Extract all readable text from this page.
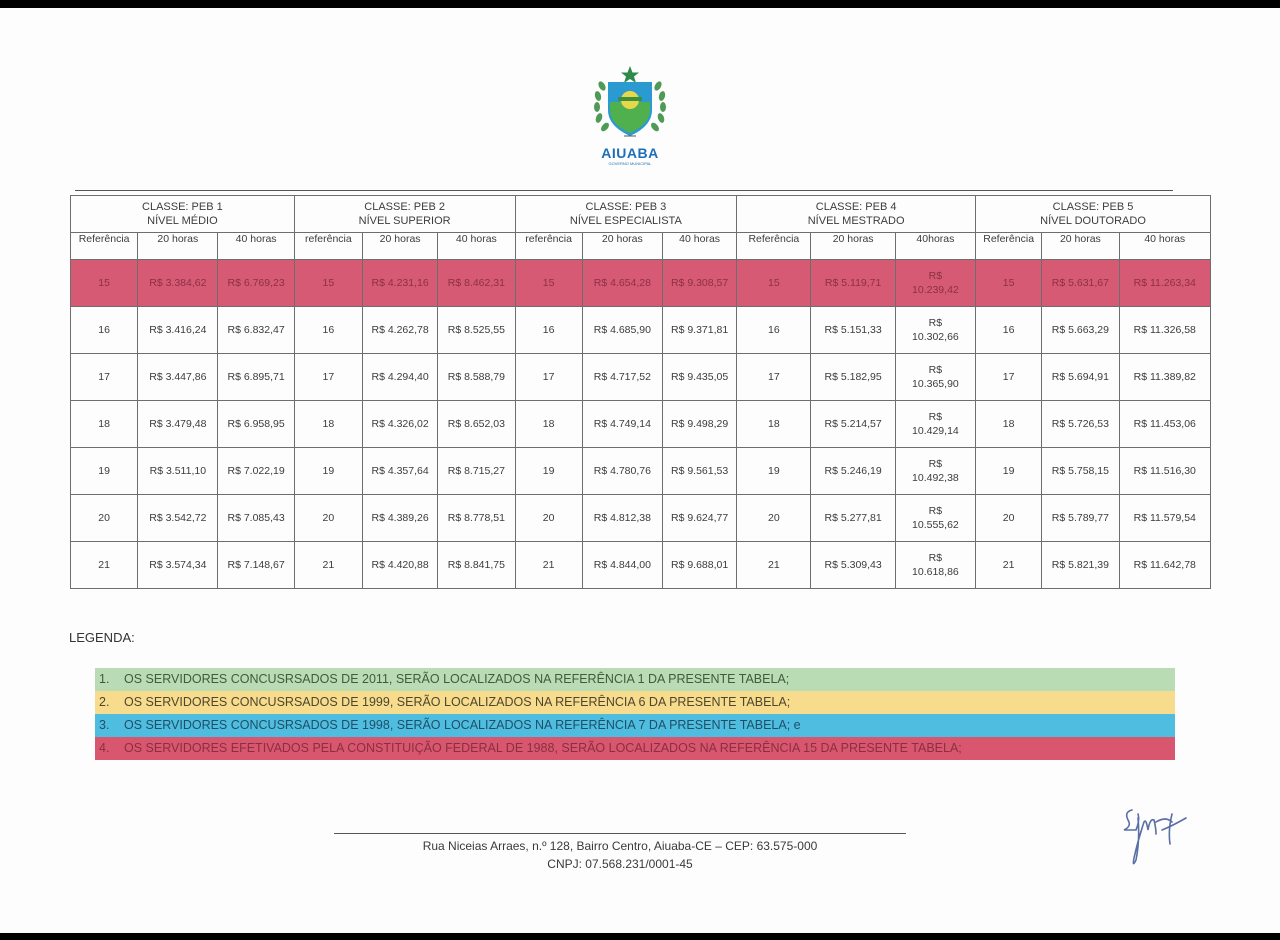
AIUABA
GOVERNO MUNICIPAL
CLASSE: PEB 1
NÍVEL MÉDIO			CLASSE: PEB 2
NÍVEL SUPERIOR			CLASSE: PEB 3
NÍVEL ESPECIALISTA			CLASSE: PEB 4
NÍVEL MESTRADO			CLASSE: PEB 5
NÍVEL DOUTORADO		
Referência	20 horas	40 horas	referência	20 horas	40 horas	referência	20 horas	40 horas	Referência	20 horas	40horas	Referência	20 horas	40 horas
15	R$ 3.384,62	R$ 6.769,23	15	R$ 4.231,16	R$ 8.462,31	15	R$ 4.654,28	R$ 9.308,57	15	R$ 5.119,71	R$
10.239,42	15	R$ 5.631,67	R$ 11.263,34
16	R$ 3.416,24	R$ 6.832,47	16	R$ 4.262,78	R$ 8.525,55	16	R$ 4.685,90	R$ 9.371,81	16	R$ 5.151,33	R$
10.302,66	16	R$ 5.663,29	R$ 11.326,58
17	R$ 3.447,86	R$ 6.895,71	17	R$ 4.294,40	R$ 8.588,79	17	R$ 4.717,52	R$ 9.435,05	17	R$ 5.182,95	R$
10.365,90	17	R$ 5.694,91	R$ 11.389,82
18	R$ 3.479,48	R$ 6.958,95	18	R$ 4.326,02	R$ 8.652,03	18	R$ 4.749,14	R$ 9.498,29	18	R$ 5.214,57	R$
10.429,14	18	R$ 5.726,53	R$ 11.453,06
19	R$ 3.511,10	R$ 7.022,19	19	R$ 4.357,64	R$ 8.715,27	19	R$ 4.780,76	R$ 9.561,53	19	R$ 5.246,19	R$
10.492,38	19	R$ 5.758,15	R$ 11.516,30
20	R$ 3.542,72	R$ 7.085,43	20	R$ 4.389,26	R$ 8.778,51	20	R$ 4.812,38	R$ 9.624,77	20	R$ 5.277,81	R$
10.555,62	20	R$ 5.789,77	R$ 11.579,54
21	R$ 3.574,34	R$ 7.148,67	21	R$ 4.420,88	R$ 8.841,75	21	R$ 4.844,00	R$ 9.688,01	21	R$ 5.309,43	R$
10.618,86	21	R$ 5.821,39	R$ 11.642,78
LEGENDA:
1. OS SERVIDORES CONCUSRSADOS DE 2011, SERÃO LOCALIZADOS NA REFERÊNCIA 1 DA PRESENTE TABELA;
2. OS SERVIDORES CONCUSRSADOS DE 1999, SERÃO LOCALIZADOS NA REFERÊNCIA 6 DA PRESENTE TABELA;
3. OS SERVIDORES CONCUSRSADOS DE 1998, SERÃO LOCALIZADOS NA REFERÊNCIA 7 DA PRESENTE TABELA; e
4. OS SERVIDORES EFETIVADOS PELA CONSTITUIÇÃO FEDERAL DE 1988, SERÃO LOCALIZADOS NA REFERÊNCIA 15 DA PRESENTE TABELA;
Rua Niceias Arraes, n.º 128, Bairro Centro, Aiuaba-CE – CEP: 63.575-000
CNPJ: 07.568.231/0001-45
